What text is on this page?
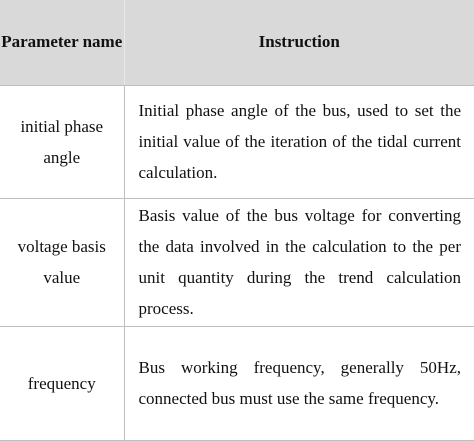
Parameter name	Instruction
initial phase angle	Initial phase angle of the bus, used to set the initial value of the iteration of the tidal current calculation.
voltage basis value	Basis value of the bus voltage for converting the data involved in the calculation to the per unit quantity during the trend calculation process.
frequency	Bus working frequency, generally 50Hz, connected bus must use the same frequency.
